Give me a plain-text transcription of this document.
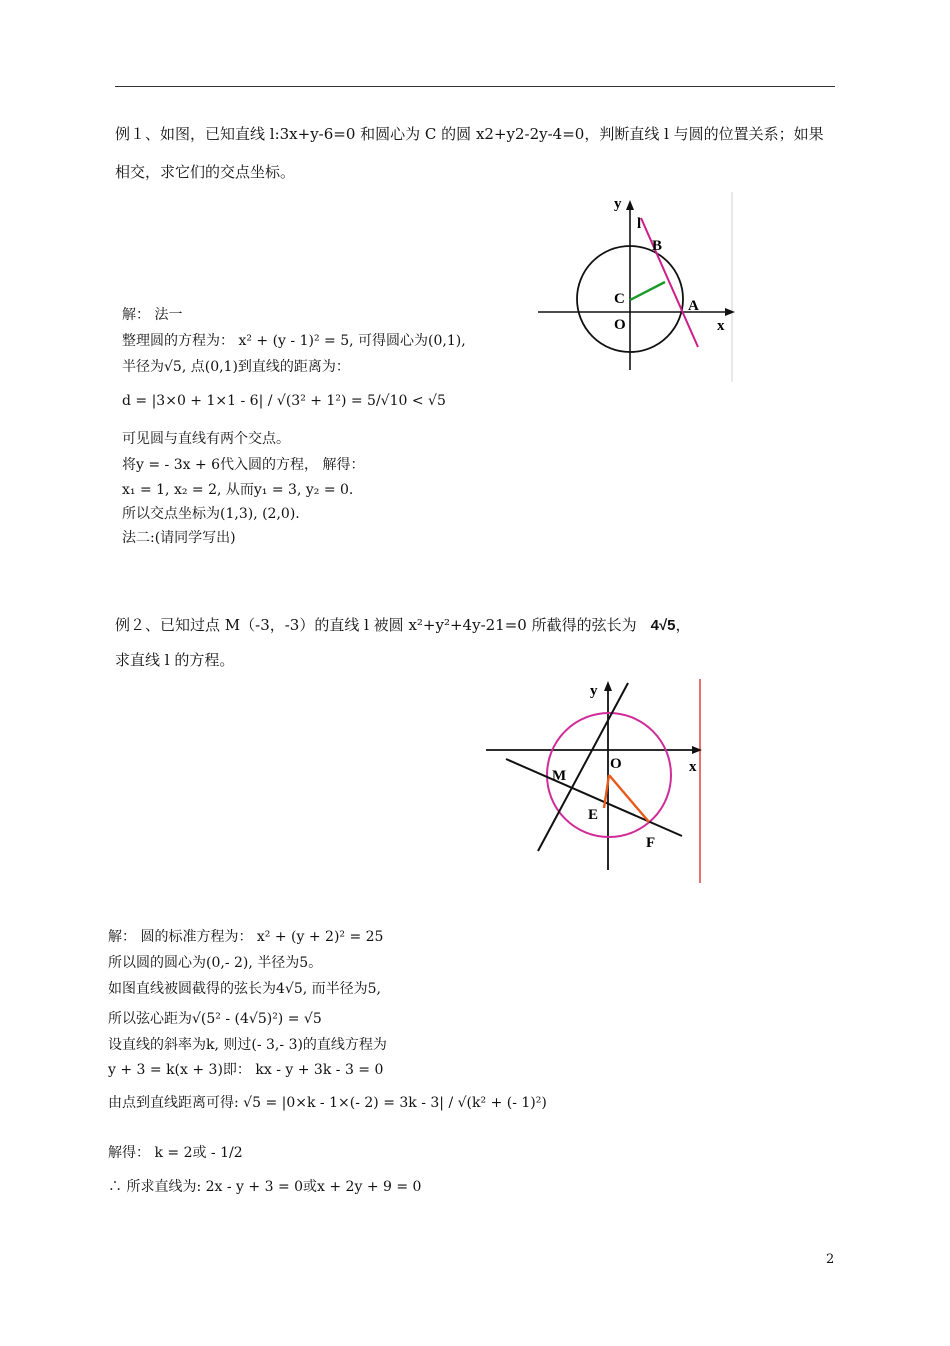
例１、如图，已知直线 l:3x+y-6=0 和圆心为 C 的圆 x2+y2-2y-4=0，判断直线 l 与圆的位置关系；如果
相交，求它们的交点坐标。
y
l
B
C	A
O	x
解： 法一
整理圆的方程为： x² + (y - 1)² = 5, 可得圆心为(0,1),
半径为√5, 点(0,1)到直线的距离为：
d = |3×0 + 1×1 - 6| / √(3² + 1²) = 5/√10 < √5
可见圆与直线有两个交点。
将y = - 3x + 6代入圆的方程， 解得：
x₁ = 1, x₂ = 2, 从而y₁ = 3, y₂ = 0.
所以交点坐标为(1,3), (2,0).
法二:(请同学写出)
例２、已知过点 M（-3，-3）的直线 l 被圆 x²+y²+4y-21=0 所截得的弦长为 4√5，
求直线 l 的方程。
y
x
O
M
E
F
解： 圆的标准方程为： x² + (y + 2)² = 25
所以圆的圆心为(0,- 2), 半径为5。
如图直线被圆截得的弦长为4√5, 而半径为5,
所以弦心距为√(5² - (4√5)²) = √5
设直线的斜率为k, 则过(- 3,- 3)的直线方程为
y + 3 = k(x + 3)即： kx - y + 3k - 3 = 0
由点到直线距离可得: √5 = |0×k - 1×(- 2) = 3k - 3| / √(k² + (- 1)²)
解得： k = 2或 - 1/2
∴ 所求直线为: 2x - y + 3 = 0或x + 2y + 9 = 0
2
